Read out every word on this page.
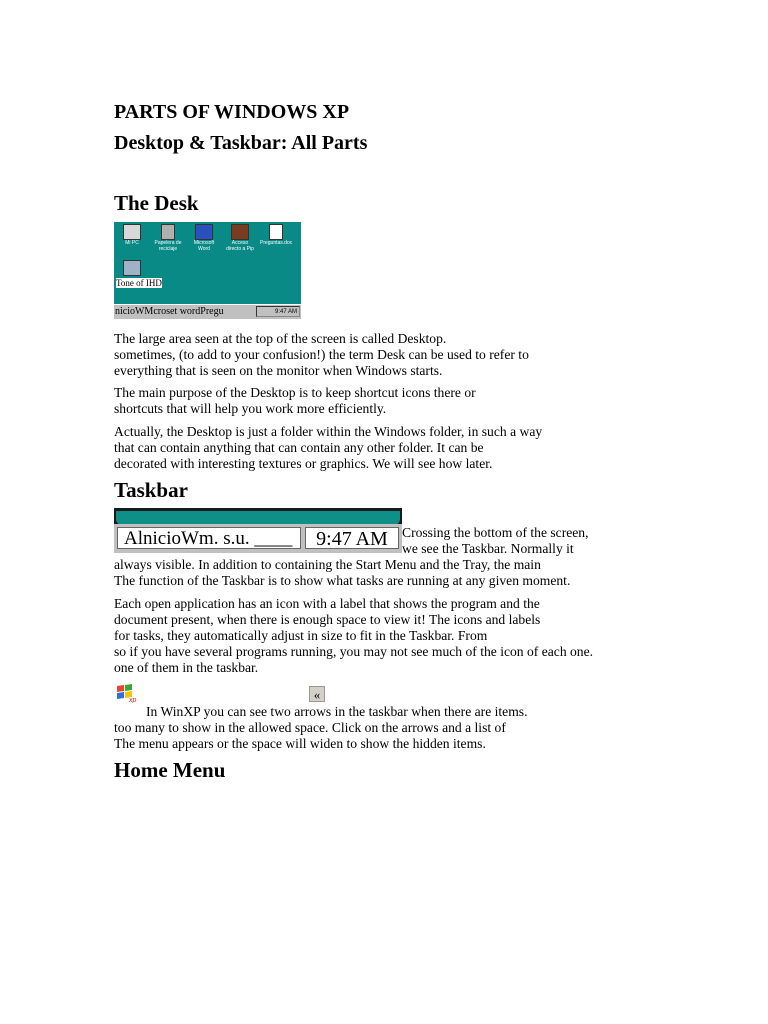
PARTS OF WINDOWS XP
Desktop & Taskbar: All Parts
The Desk
Mi PC	Papelera de reciclaje
Microsoft Word
Acceso directo a Pip
Preguntas.doc
Tone of IHD
nicioWMcroset wordPregu	9:47 AM
The large area seen at the top of the screen is called Desktop.
sometimes, (to add to your confusion!) the term Desk can be used to refer to
everything that is seen on the monitor when Windows starts.
The main purpose of the Desktop is to keep shortcut icons there or
shortcuts that will help you work more efficiently.
Actually, the Desktop is just a folder within the Windows folder, in such a way
that can contain anything that can contain any other folder. It can be
decorated with interesting textures or graphics. We will see how later.
Taskbar
AlnicioWm. s.u. ____	9:47 AM	Crossing the bottom of the screen,
we see the Taskbar. Normally it
always visible. In addition to containing the Start Menu and the Tray, the main
The function of the Taskbar is to show what tasks are running at any given moment.
Each open application has an icon with a label that shows the program and the
document present, when there is enough space to view it! The icons and labels
for tasks, they automatically adjust in size to fit in the Taskbar. From
so if you have several programs running, you may not see much of the icon of each one.
one of them in the taskbar.
xp	«
In WinXP you can see two arrows in the taskbar when there are items.
too many to show in the allowed space. Click on the arrows and a list of
The menu appears or the space will widen to show the hidden items.
Home Menu
